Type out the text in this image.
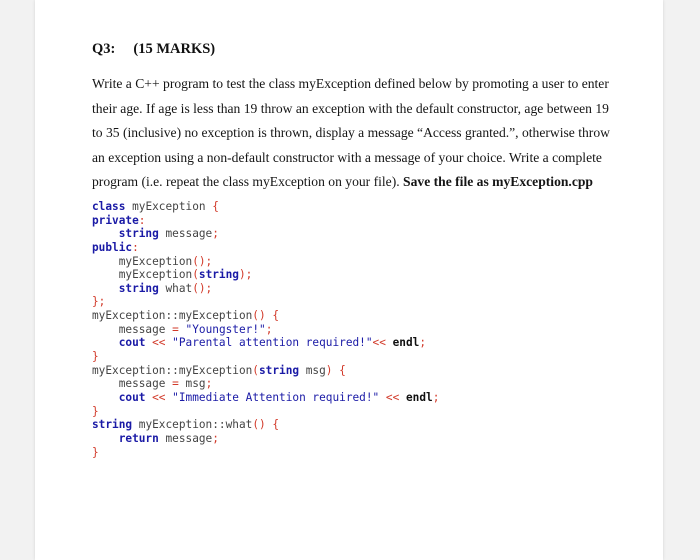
Q3: (15 MARKS)
Write a C++ program to test the class myException defined below by promoting a user to enter
their age. If age is less than 19 throw an exception with the default constructor, age between 19
to 35 (inclusive) no exception is thrown, display a message “Access granted.”, otherwise throw
an exception using a non-default constructor with a message of your choice. Write a complete
program (i.e. repeat the class myException on your file). Save the file as myException.cpp
class myException {
private:
string message;
public:
myException();
myException(string);
string what();
};
myException::myException() {
message = "Youngster!";
cout << "Parental attention required!"<< endl;
}
myException::myException(string msg) {
message = msg;
cout << "Immediate Attention required!" << endl;
}
string myException::what() {
return message;
}
